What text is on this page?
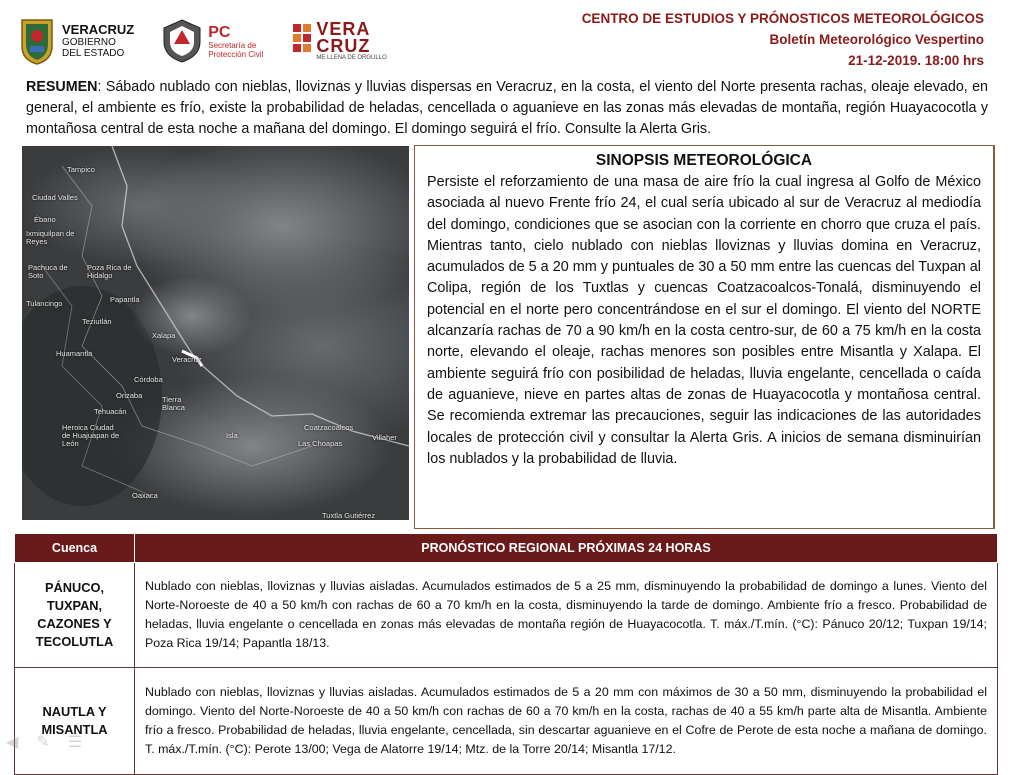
VERACRUZ
GOBIERNO
DEL ESTADO
PC
Secretaría de
Protección Civil
VERA
CRUZ
ME LLENA DE ORGULLO
CENTRO DE ESTUDIOS Y PRÓNOSTICOS METEOROLÓGICOS
Boletín Meteorológico Vespertino
21-12-2019. 18:00 hrs
RESUMEN: Sábado nublado con nieblas, lloviznas y lluvias dispersas en Veracruz, en la costa, el viento del Norte presenta rachas, oleaje elevado, en general, el ambiente es frío, existe la probabilidad de heladas, cencellada o aguanieve en las zonas más elevadas de montaña, región Huayacocotla y montañosa central de esta noche a mañana del domingo. El domingo seguirá el frío. Consulte la Alerta Gris.
Tampico
Ciudad Valles
Ébano
Ixmiquilpan de Reyes
Pachuca de Soto
Tulancingo
Poza Rica de Hidalgo
Papantla
Teziutlán
Xalapa
Veracruz
Huamantla
Orizaba
Córdoba
Tehuacán
Tierra Blanca
Heroica Ciudad de Huajuapan de León
Isla
Coatzacoalcos
Las Choapas
Villaher
Oaxaca
Tuxtla Gutiérrez
SINOPSIS METEOROLÓGICA
Persiste el reforzamiento de una masa de aire frío la cual ingresa al Golfo de México asociada al nuevo Frente frío 24, el cual sería ubicado al sur de Veracruz al mediodía del domingo, condiciones que se asocian con la corriente en chorro que cruza el país. Mientras tanto, cielo nublado con nieblas lloviznas y lluvias domina en Veracruz, acumulados de 5 a 20 mm y puntuales de 30 a 50 mm entre las cuencas del Tuxpan al Colipa, región de los Tuxtlas y cuencas Coatzacoalcos-Tonalá, disminuyendo el potencial en el norte pero concentrándose en el sur el domingo. El viento del NORTE alcanzaría rachas de 70 a 90 km/h en la costa centro-sur, de 60 a 75 km/h en la costa norte, elevando el oleaje, rachas menores son posibles entre Misantla y Xalapa. El ambiente seguirá frío con posibilidad de heladas, lluvia engelante, cencellada o caída de aguanieve, nieve en partes altas de zonas de Huayacocotla y montañosa central. Se recomienda extremar las precauciones, seguir las indicaciones de las autoridades locales de protección civil y consultar la Alerta Gris. A inicios de semana disminuirían los nublados y la probabilidad de lluvia.
Cuenca	PRONÓSTICO REGIONAL PRÓXIMAS 24 HORAS
PÁNUCO, TUXPAN, CAZONES Y TECOLUTLA	Nublado con nieblas, lloviznas y lluvias aisladas. Acumulados estimados de 5 a 25 mm, disminuyendo la probabilidad de domingo a lunes. Viento del Norte-Noroeste de 40 a 50 km/h con rachas de 60 a 70 km/h en la costa, disminuyendo la tarde de domingo. Ambiente frío a fresco. Probabilidad de heladas, lluvia engelante o cencellada en zonas más elevadas de montaña región de Huayacocotla. T. máx./T.mín. (°C): Pánuco 20/12; Tuxpan 19/14; Poza Rica 19/14; Papantla 18/13.
NAUTLA Y MISANTLA	Nublado con nieblas, lloviznas y lluvias aisladas. Acumulados estimados de 5 a 20 mm con máximos de 30 a 50 mm, disminuyendo la probabilidad el domingo. Viento del Norte-Noroeste de 40 a 50 km/h con rachas de 60 a 70 km/h en la costa, rachas de 40 a 55 km/h parte alta de Misantla. Ambiente frío a fresco. Probabilidad de heladas, lluvia engelante, cencellada, sin descartar aguanieve en el Cofre de Perote de esta noche a mañana de domingo. T. máx./T.mín. (°C): Perote 13/00; Vega de Alatorre 19/14; Mtz. de la Torre 20/14; Misantla 17/12.
◀ ✎ ☰
